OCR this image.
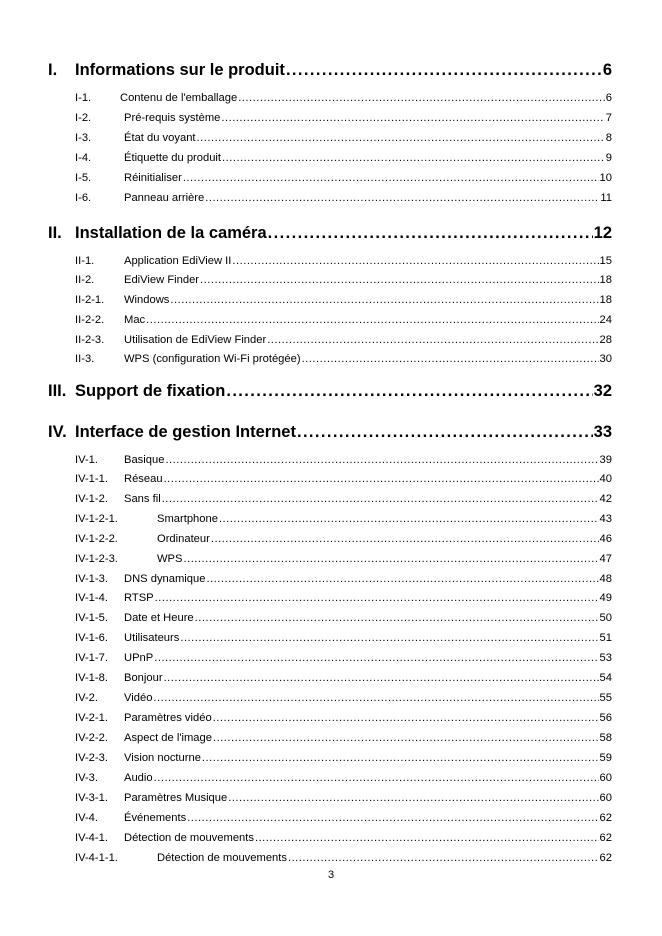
I.	Informations sur le produit .....	6
I-1.	Contenu de l'emballage .....	6
I-2.	Pré-requis système .....	7
I-3.	État du voyant .....	8
I-4.	Étiquette du produit .....	9
I-5.	Réinitialiser .....	10
I-6.	Panneau arrière .....	11
II. Installation de la caméra .....	12
II-1.	Application EdiView II .....	15
II-2.	EdiView Finder .....	18
II-2-1.	Windows .....	18
II-2-2.	Mac .....	24
II-2-3.	Utilisation de EdiView Finder .....	28
II-3.	WPS (configuration Wi-Fi protégée) .....	30
III. Support de fixation .....	32
IV. Interface de gestion Internet .....	33
IV-1.	Basique .....	39
IV-1-1.	Réseau .....	40
IV-1-2.	Sans fil .....	42
IV-1-2-1.	Smartphone .....	43
IV-1-2-2.	Ordinateur .....	46
IV-1-2-3.	WPS .....	47
IV-1-3.	DNS dynamique .....	48
IV-1-4.	RTSP .....	49
IV-1-5.	Date et Heure .....	50
IV-1-6.	Utilisateurs .....	51
IV-1-7.	UPnP .....	53
IV-1-8.	Bonjour .....	54
IV-2.	Vidéo .....	55
IV-2-1.	Paramètres vidéo .....	56
IV-2-2.	Aspect de l'image .....	58
IV-2-3.	Vision nocturne .....	59
IV-3.	Audio .....	60
IV-3-1.	Paramètres Musique .....	60
IV-4.	Événements .....	62
IV-4-1.	Détection de mouvements .....	62
IV-4-1-1.	Détection de mouvements .....	62
3
